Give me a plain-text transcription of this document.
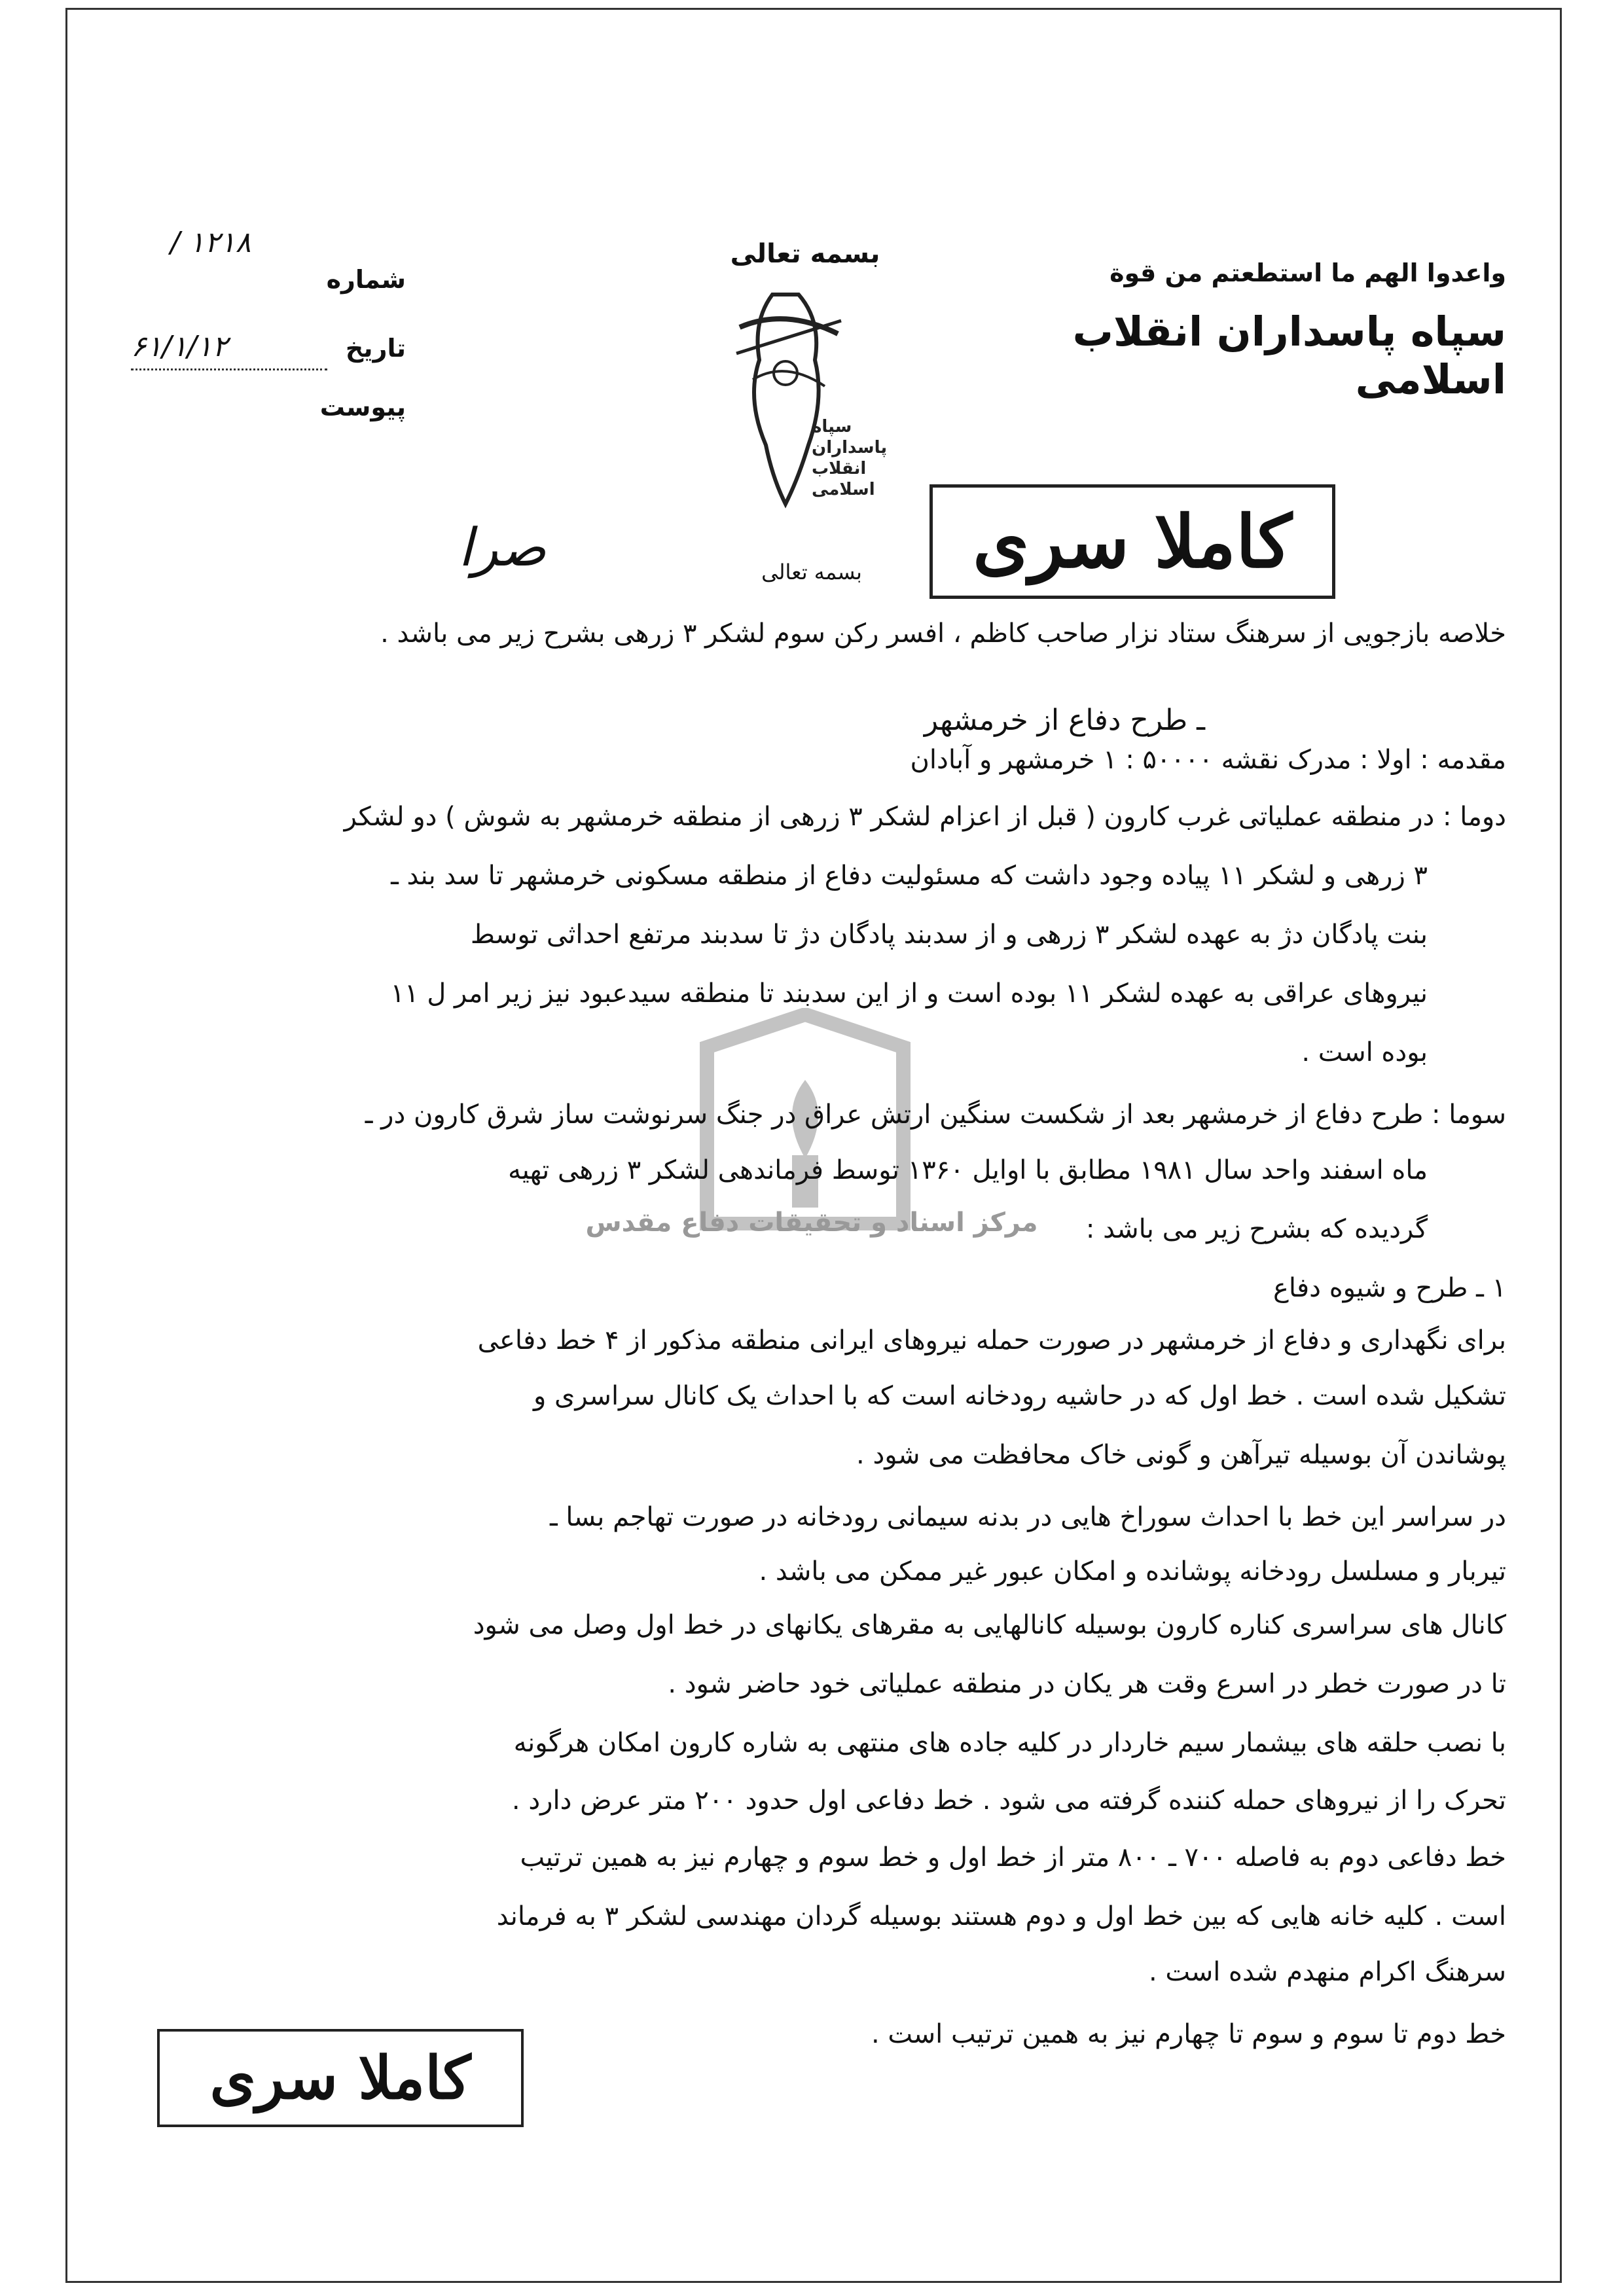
بسمه تعالی
واعدوا الهم ما استطعتم من قوة
سپاه پاسداران انقلاب اسلامی
شماره
/ ۱۲۱۸
تاریخ
۶۱/۱/۱۲
پیوست
سپاه
پاسداران
انقلاب
اسلامی
کاملا سری
صرا	بسمه تعالی
مرکز اسناد و تحقیقات دفاع مقدس
خلاصه بازجویی از سرهنگ ستاد نزار صاحب کاظم ، افسر رکن سوم لشکر ۳ زرهی بشرح زیر می باشد .
ـ طرح دفاع از خرمشهر
مقدمه : اولا : مدرک نقشه ۵۰۰۰۰ : ۱ خرمشهر و آبادان
دوما : در منطقه عملیاتی غرب کارون ( قبل از اعزام لشکر ۳ زرهی از منطقه خرمشهر به شوش ) دو لشکر
۳ زرهی و لشکر ۱۱ پیاده وجود داشت که مسئولیت دفاع از منطقه مسکونی خرمشهر تا سد بند ـ
بنت پادگان دژ به عهده لشکر ۳ زرهی و از سدبند پادگان دژ تا سدبند مرتفع احداثی توسط
نیروهای عراقی به عهده لشکر ۱۱ بوده است و از این سدبند تا منطقه سیدعبود نیز زیر امر ل ۱۱
بوده است .
سوما : طرح دفاع از خرمشهر بعد از شکست سنگین ارتش عراق در جنگ سرنوشت ساز شرق کارون در ـ
ماه اسفند واحد سال ۱۹۸۱ مطابق با اوایل ۱۳۶۰ توسط فرماندهی لشکر ۳ زرهی تهیه
گردیده که بشرح زیر می باشد :
۱ ـ طرح و شیوه دفاع
برای نگهداری و دفاع از خرمشهر در صورت حمله نیروهای ایرانی منطقه مذکور از ۴ خط دفاعی
تشکیل شده است . خط اول که در حاشیه رودخانه است که با احداث یک کانال سراسری و
پوشاندن آن بوسیله تیرآهن و گونی خاک محافظت می شود .
در سراسر این خط با احداث سوراخ هایی در بدنه سیمانی رودخانه در صورت تهاجم بسا ـ
تیربار و مسلسل رودخانه پوشانده و امکان عبور غیر ممکن می باشد .
کانال های سراسری کناره کارون بوسیله کانالهایی به مقرهای یکانهای در خط اول وصل می شود
تا در صورت خطر در اسرع وقت هر یکان در منطقه عملیاتی خود حاضر شود .
با نصب حلقه های بیشمار سیم خاردار در کلیه جاده های منتهی به شاره کارون امکان هرگونه
تحرک را از نیروهای حمله کننده گرفته می شود . خط دفاعی اول حدود ۲۰۰ متر عرض دارد .
خط دفاعی دوم به فاصله ۷۰۰ ـ ۸۰۰ متر از خط اول و خط سوم و چهارم نیز به همین ترتیب
است . کلیه خانه هایی که بین خط اول و دوم هستند بوسیله گردان مهندسی لشکر ۳ به فرماند
سرهنگ اکرام منهدم شده است .
خط دوم تا سوم و سوم تا چهارم نیز به همین ترتیب است .
کاملا سری
